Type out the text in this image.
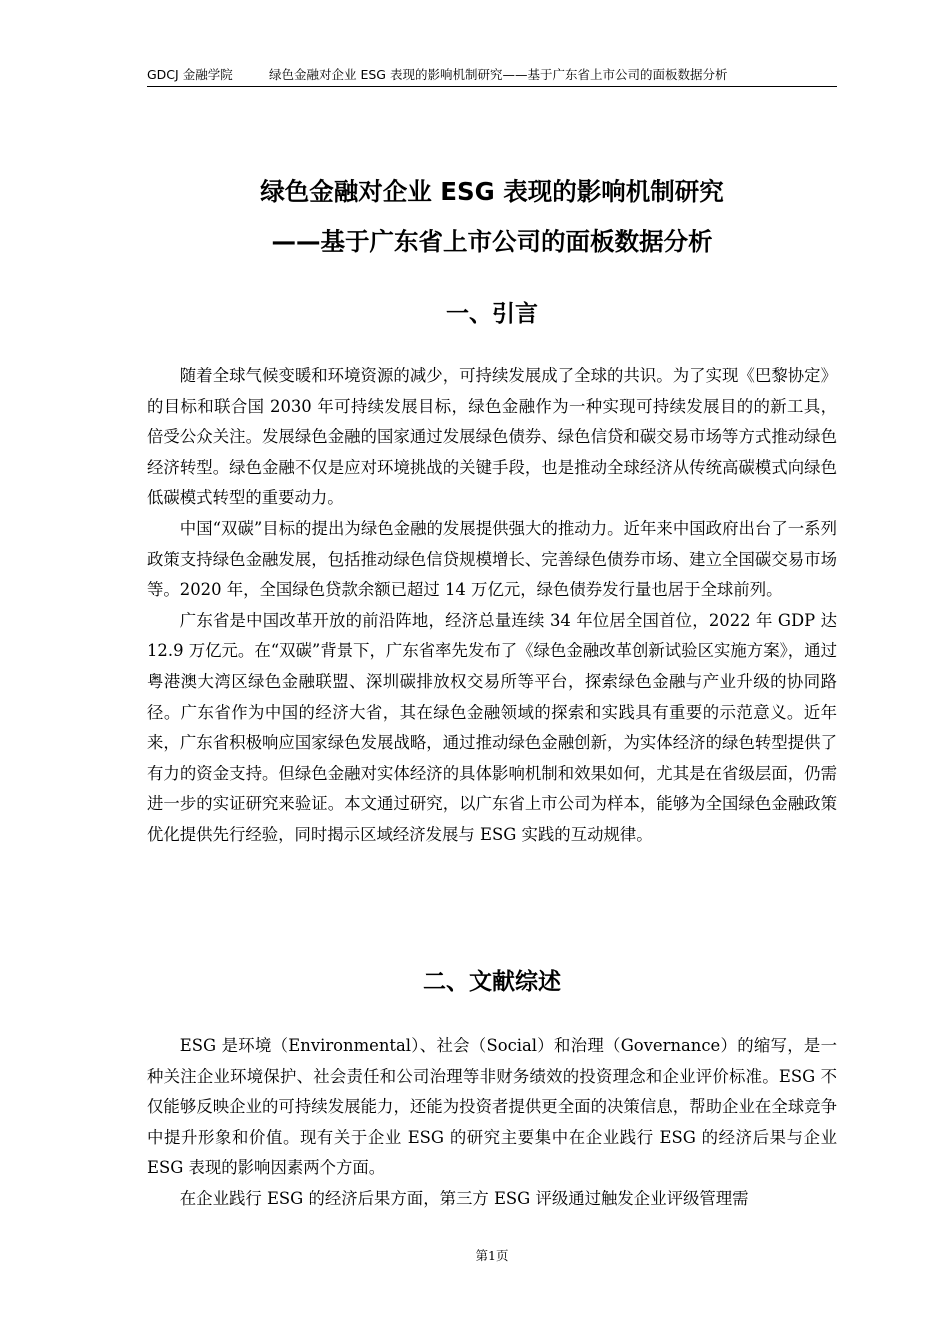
GDCJ 金融学院	绿色金融对企业 ESG 表现的影响机制研究——基于广东省上市公司的面板数据分析
绿色金融对企业 ESG 表现的影响机制研究
——基于广东省上市公司的面板数据分析
一、引言

随着全球气候变暖和环境资源的减少，可持续发展成了全球的共识。为了实现《巴黎协定》的目标和联合国 2030 年可持续发展目标，绿色金融作为一种实现可持续发展目的的新工具，倍受公众关注。发展绿色金融的国家通过发展绿色债券、绿色信贷和碳交易市场等方式推动绿色经济转型。绿色金融不仅是应对环境挑战的关键手段，也是推动全球经济从传统高碳模式向绿色低碳模式转型的重要动力。

中国“双碳”目标的提出为绿色金融的发展提供强大的推动力。近年来中国政府出台了一系列政策支持绿色金融发展，包括推动绿色信贷规模增长、完善绿色债券市场、建立全国碳交易市场等。2020 年，全国绿色贷款余额已超过 14 万亿元，绿色债券发行量也居于全球前列。

广东省是中国改革开放的前沿阵地，经济总量连续 34 年位居全国首位，2022 年 GDP 达 12.9 万亿元。在“双碳”背景下，广东省率先发布了《绿色金融改革创新试验区实施方案》，通过粤港澳大湾区绿色金融联盟、深圳碳排放权交易所等平台，探索绿色金融与产业升级的协同路径。广东省作为中国的经济大省，其在绿色金融领域的探索和实践具有重要的示范意义。近年来，广东省积极响应国家绿色发展战略，通过推动绿色金融创新，为实体经济的绿色转型提供了有力的资金支持。但绿色金融对实体经济的具体影响机制和效果如何，尤其是在省级层面，仍需进一步的实证研究来验证。本文通过研究，以广东省上市公司为样本，能够为全国绿色金融政策优化提供先行经验，同时揭示区域经济发展与 ESG 实践的互动规律。

二、文献综述

ESG 是环境（Environmental）、社会（Social）和治理（Governance）的缩写，是一种关注企业环境保护、社会责任和公司治理等非财务绩效的投资理念和企业评价标准。ESG 不仅能够反映企业的可持续发展能力，还能为投资者提供更全面的决策信息，帮助企业在全球竞争中提升形象和价值。现有关于企业 ESG 的研究主要集中在企业践行 ESG 的经济后果与企业 ESG 表现的影响因素两个方面。

在企业践行 ESG 的经济后果方面，第三方 ESG 评级通过触发企业评级管理需

第1页
